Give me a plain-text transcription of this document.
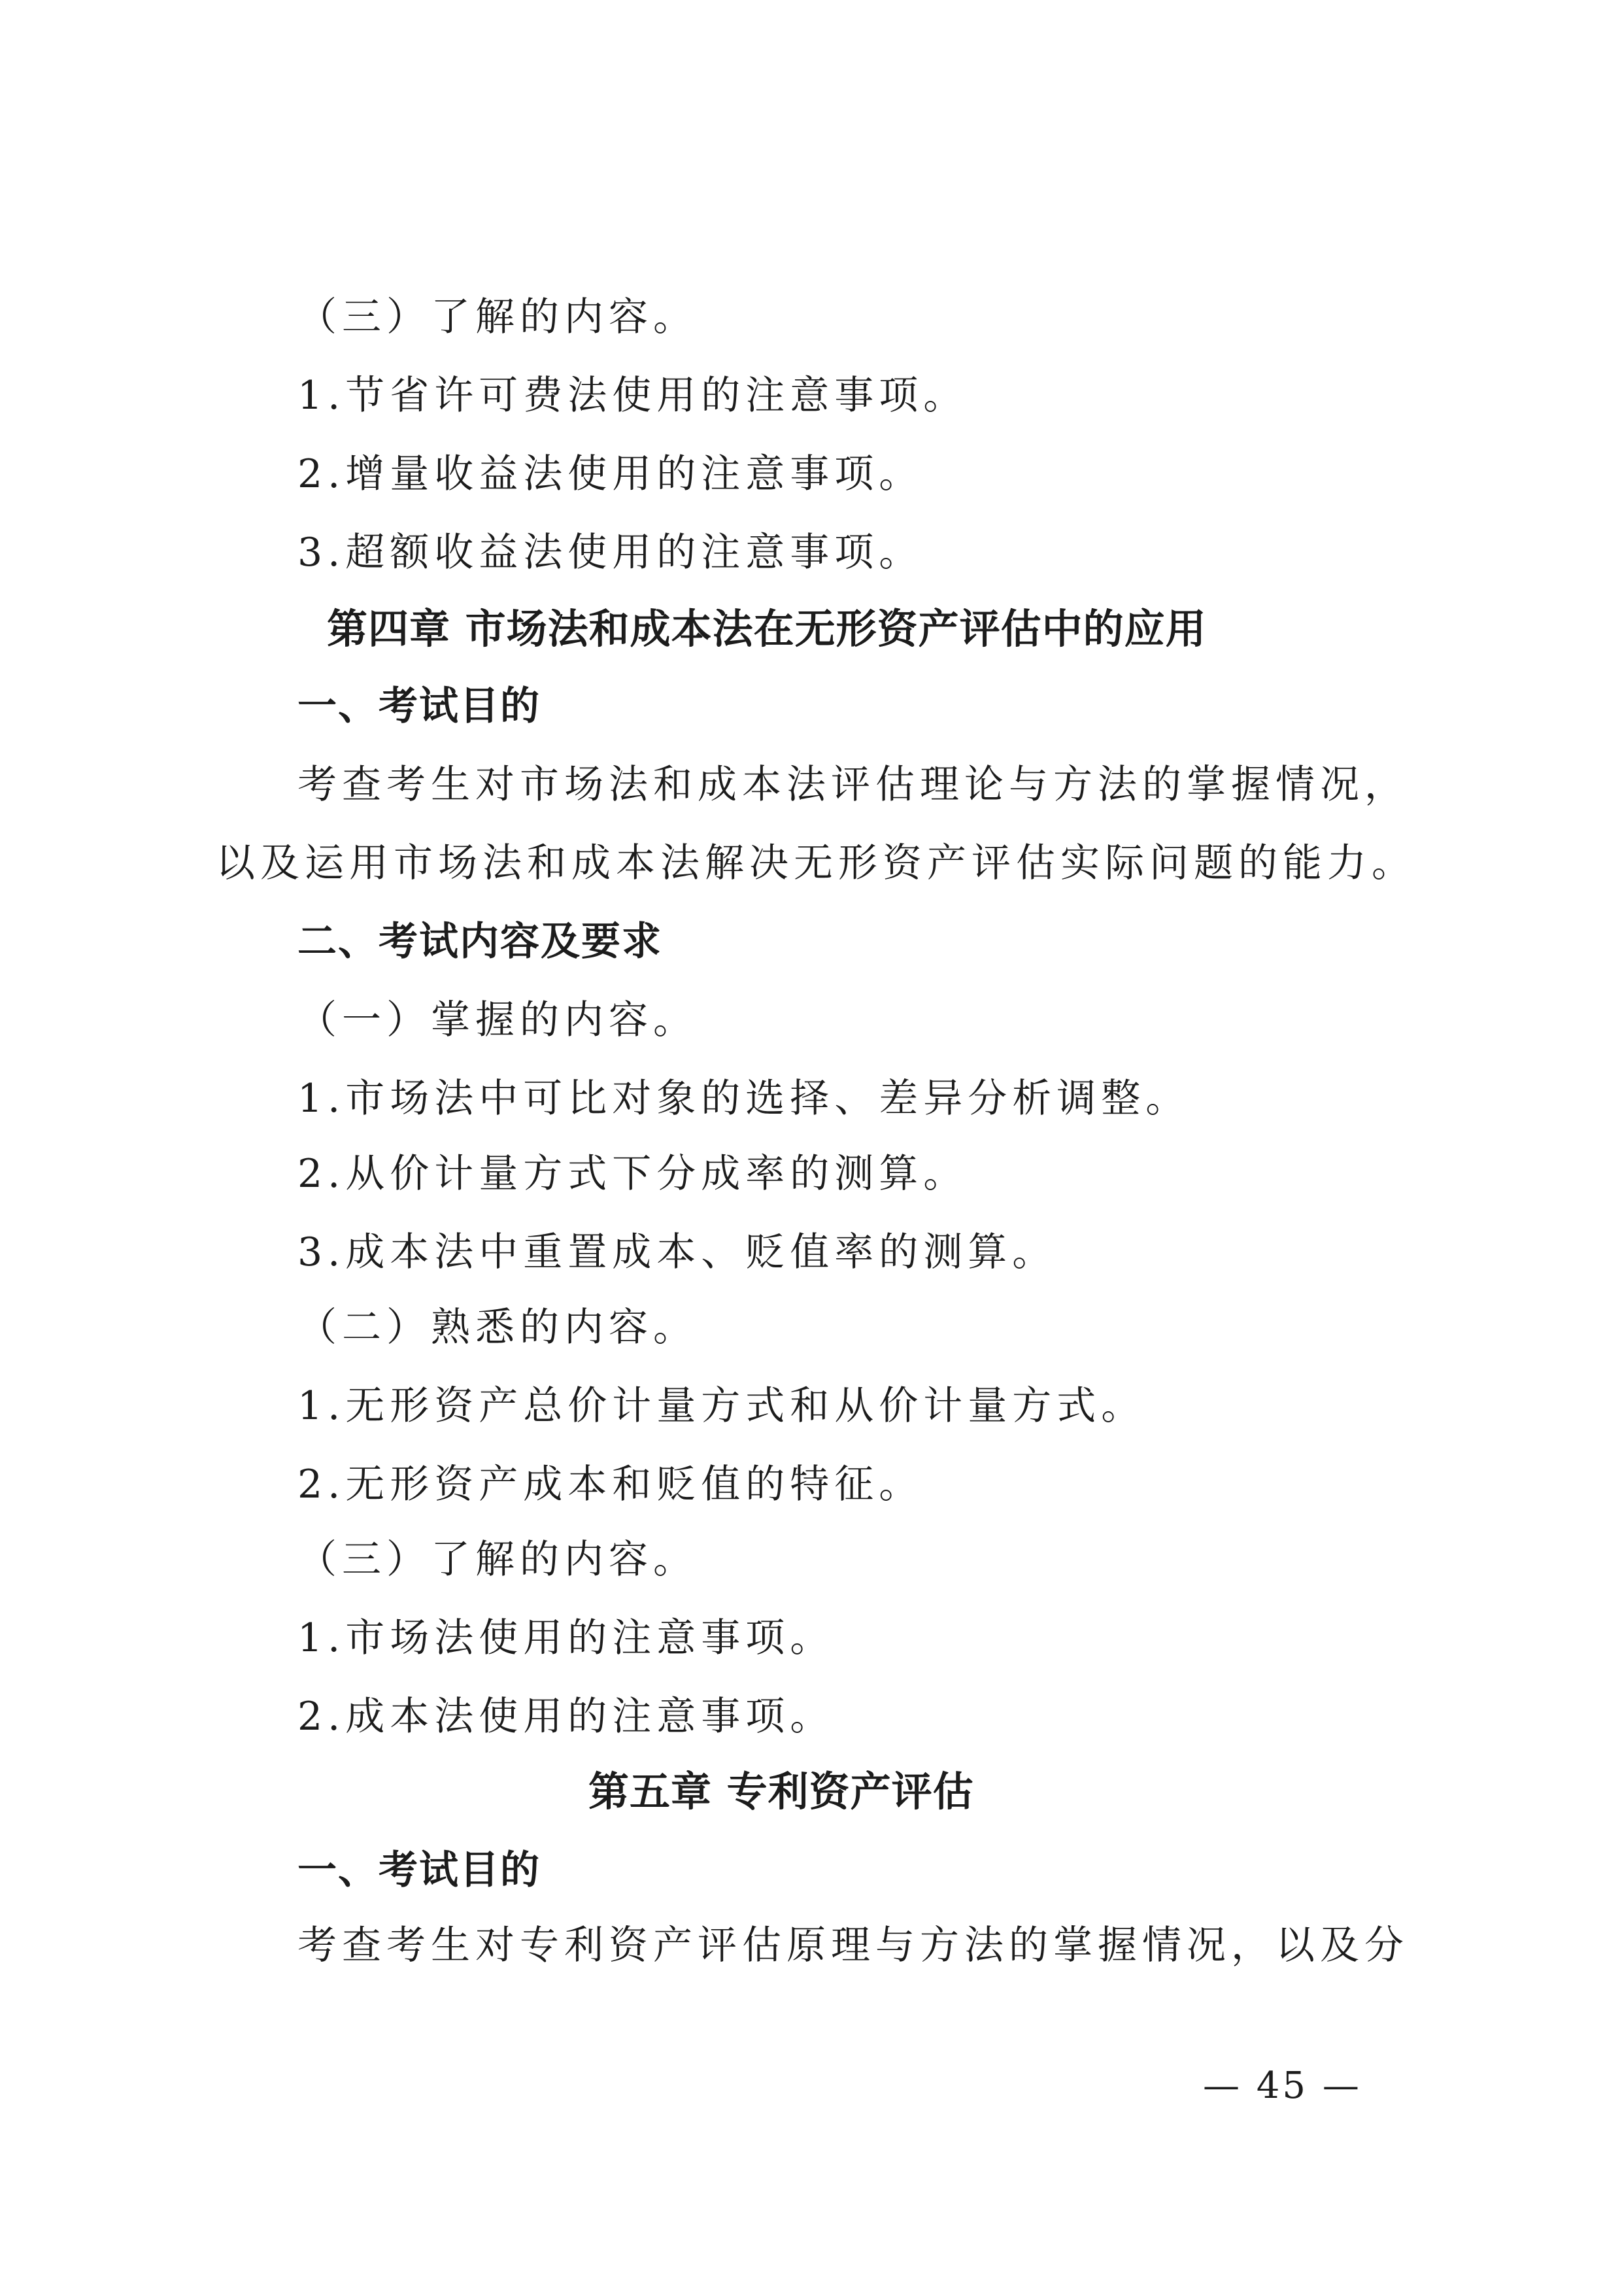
（三）了解的内容。
1.节省许可费法使用的注意事项。
2.增量收益法使用的注意事项。
3.超额收益法使用的注意事项。
第四章 市场法和成本法在无形资产评估中的应用
一、考试目的
考查考生对市场法和成本法评估理论与方法的掌握情况，
以及运用市场法和成本法解决无形资产评估实际问题的能力。
二、考试内容及要求
（一）掌握的内容。
1.市场法中可比对象的选择、差异分析调整。
2.从价计量方式下分成率的测算。
3.成本法中重置成本、贬值率的测算。
（二）熟悉的内容。
1.无形资产总价计量方式和从价计量方式。
2.无形资产成本和贬值的特征。
（三）了解的内容。
1.市场法使用的注意事项。
2.成本法使用的注意事项。
第五章 专利资产评估
一、考试目的
考查考生对专利资产评估原理与方法的掌握情况，以及分
— 45 —
